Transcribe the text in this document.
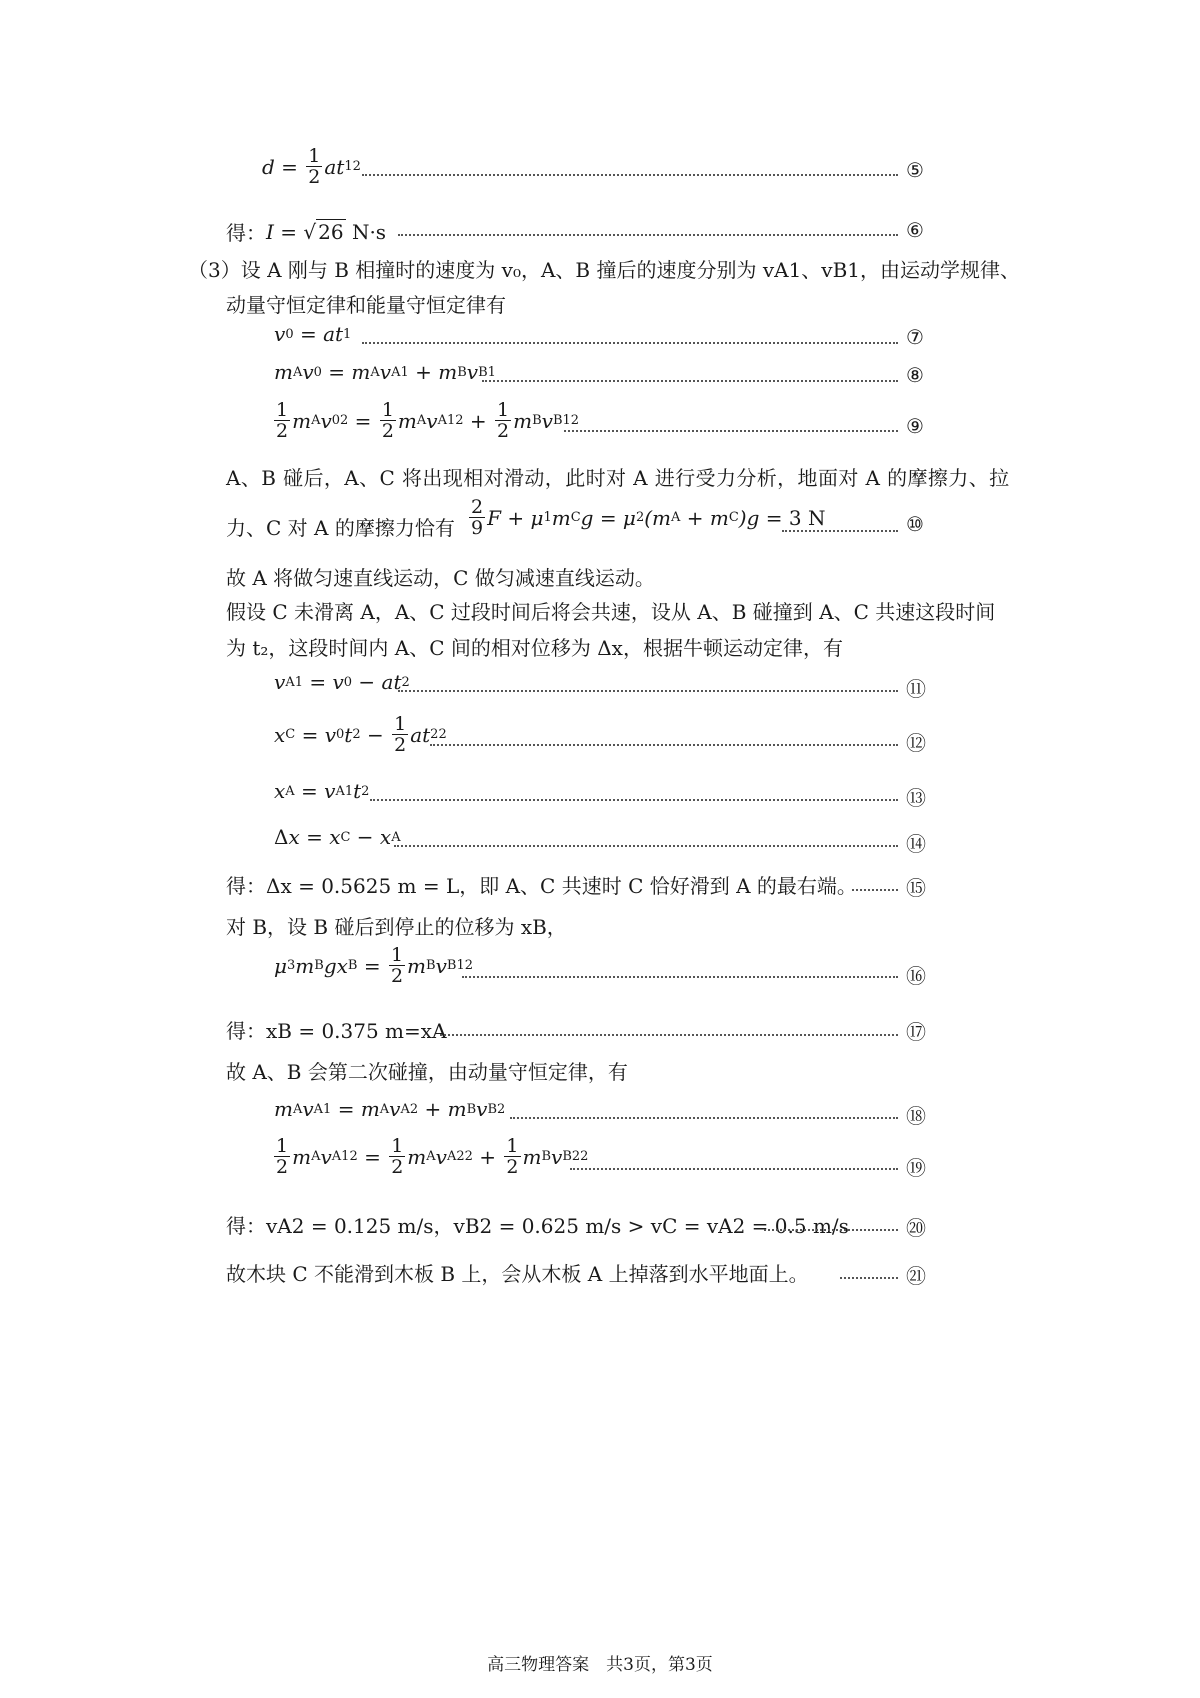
$d = \frac{1}{2}$ at 1 2	⑤
得： I = √ 26
N·s	⑥
（3）设 A 刚与 B 相撞时的速度为 v₀，A、B 撞后的速度分别为 vA1、vB1，由运动学规律、
动量守恒定律和能量守恒定律有
v 0 = at 1	⑦
m A v 0 = m A v A1 + m B v B1	⑧
$\frac{1}{2}$ m A v 0 $2 = \frac{1}{2}$ m A v A1 $2 + \frac{1}{2}$ m B v B1 2	⑨
A、B 碰后，A、C 将出现相对滑动，此时对 A 进行受力分析，地面对 A 的摩擦力、拉
力、C 对 A 的摩擦力恰有 $\frac{2}{9}$ F + μ 1 m C g = μ 2 (m A + m C )g = 3 N	⑩
故 A 将做匀速直线运动，C 做匀减速直线运动。
假设 C 未滑离 A，A、C 过段时间后将会共速，设从 A、B 碰撞到 A、C 共速这段时间
为 t₂，这段时间内 A、C 间的相对位移为 Δx，根据牛顿运动定律，有
v A1 = v 0 − at 2	⑪
x C = v 0 t $2 - \frac{1}{2}$ at 2 2	⑫
x A = v A1 t 2	⑬
Δ x = x C − x A	⑭
得：Δx = 0.5625 m = L，即 A、C 共速时 C 恰好滑到 A 的最右端。 ⑮
对 B，设 B 碰后到停止的位移为 xB，
μ 3 m B gx $B = \frac{1}{2}$ m B v B1 2	⑯
得：xB = 0.375 m=xA	⑰
故 A、B 会第二次碰撞，由动量守恒定律，有
m A v A1 = m A v A2 + m B v B2	⑱
$\frac{1}{2}$ m A v A1 $2 = \frac{1}{2}$ m A v A2 $2 + \frac{1}{2}$ m B v B2 2	⑲
得：vA2 = 0.125 m/s，vB2 = 0.625 m/s > vC = vA2 = 0.5 m/s	⑳
故木块 C 不能滑到木板 B 上，会从木板 A 上掉落到水平地面上。	㉑
高三物理答案　共3页，第3页
